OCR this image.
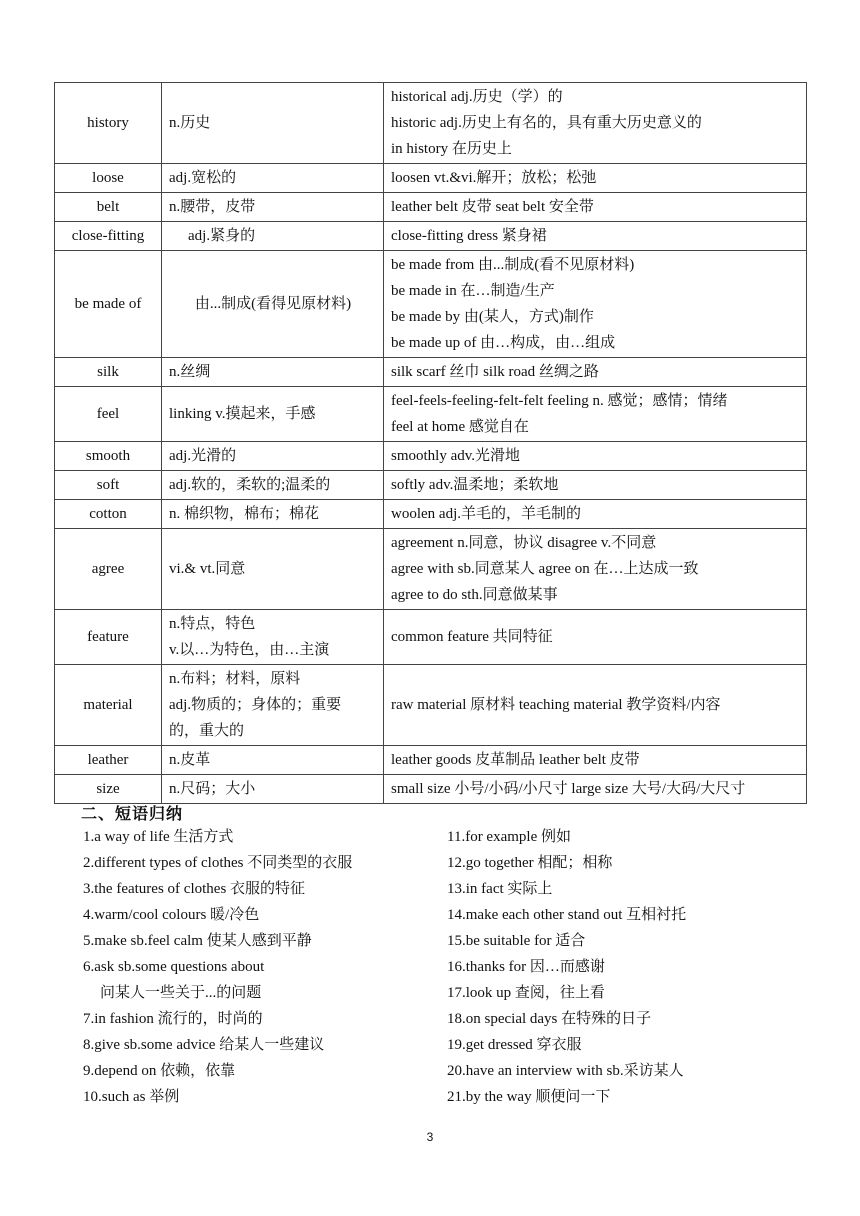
history	n.历史	historical adj.历史（学）的
historic adj.历史上有名的，具有重大历史意义的
in history 在历史上

loose	adj.宽松的	loosen vt.&vi.解开；放松；松弛

belt	n.腰带，皮带	leather belt 皮带 seat belt 安全带

close-fitting	adj.紧身的	close-fitting dress 紧身裙

be made of	由...制成(看得见原材料)	be made from 由...制成(看不见原材料)
be made in 在…制造/生产
be made by 由(某人，方式)制作
be made up of 由…构成，由…组成

silk	n.丝绸	silk scarf 丝巾 silk road 丝绸之路

feel	linking v.摸起来，手感	feel-feels-feeling-felt-felt feeling n. 感觉；感情；情绪
feel at home 感觉自在

smooth	adj.光滑的	smoothly adv.光滑地

soft	adj.软的，柔软的;温柔的	softly adv.温柔地；柔软地

cotton	n. 棉织物，棉布；棉花	woolen adj.羊毛的，羊毛制的

agree	vi.& vt.同意	agreement n.同意，协议 disagree v.不同意
agree with sb.同意某人 agree on 在…上达成一致
agree to do sth.同意做某事

feature	n.特点，特色
v.以…为特色，由…主演	common feature 共同特征

material	n.布料；材料，原料
adj.物质的；身体的；重要
的，重大的	raw material 原材料 teaching material 教学资料/内容

leather	n.皮革	leather goods 皮革制品 leather belt 皮带

size	n.尺码；大小	small size 小号/小码/小尺寸 large size 大号/大码/大尺寸
二、短语归纳
1.a way of life 生活方式
2.different types of clothes 不同类型的衣服
3.the features of clothes 衣服的特征
4.warm/cool colours 暖/冷色
5.make sb.feel calm 使某人感到平静
6.ask sb.some questions about
问某人一些关于...的问题
7.in fashion 流行的，时尚的
8.give sb.some advice 给某人一些建议
9.depend on 依赖，依靠
10.such as 举例
11.for example 例如
12.go together 相配；相称
13.in fact 实际上
14.make each other stand out 互相衬托
15.be suitable for 适合
16.thanks for 因…而感谢
17.look up 查阅，往上看
18.on special days 在特殊的日子
19.get dressed 穿衣服
20.have an interview with sb.采访某人
21.by the way 顺便问一下
3
